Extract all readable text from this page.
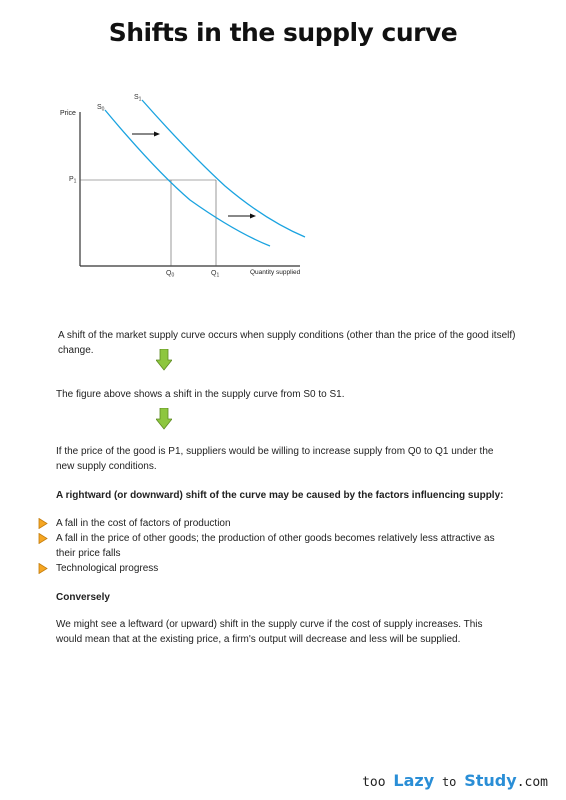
Shifts in the supply curve
Price
Quantity supplied
$S_0$
$S_1$
$P_1$
$Q_0$	$Q_1$
A shift of the market supply curve occurs when supply conditions (other than the price of the good itself) change.
The figure above shows a shift in the supply curve from S0 to S1.
If the price of the good is P1, suppliers would be willing to increase supply from Q0 to Q1 under the new supply conditions.
A rightward (or downward) shift of the curve may be caused by the factors influencing supply:
A fall in the cost of factors of production
A fall in the price of other goods; the production of other goods becomes relatively less attractive as their price falls
Technological progress
Conversely
We might see a leftward (or upward) shift in the supply curve if the cost of supply increases. This would mean that at the existing price, a firm's output will decrease and less will be supplied.
too Lazy to Study.com
